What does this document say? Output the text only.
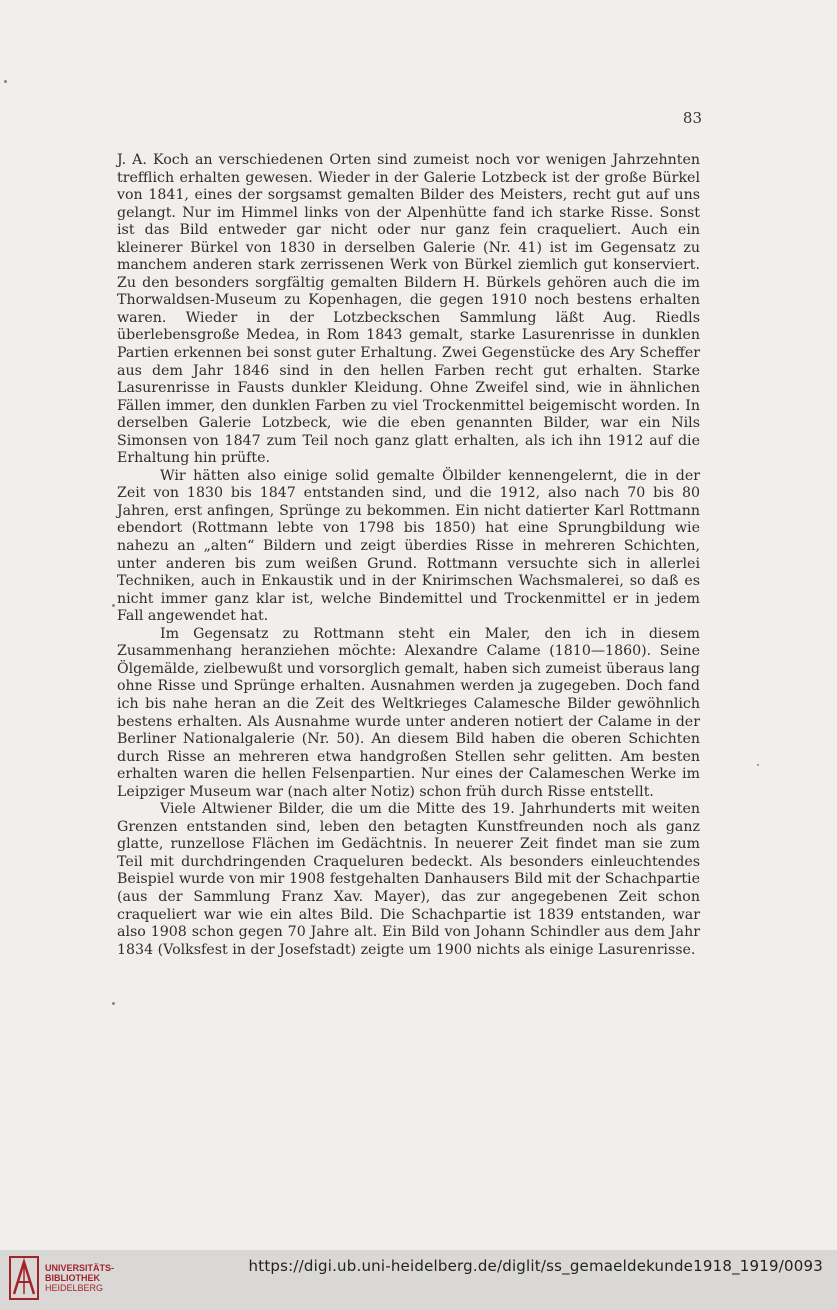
83

J. A. Koch an verschiedenen Orten sind zumeist noch vor wenigen Jahrzehnten trefflich erhalten gewesen. Wieder in der Galerie Lotzbeck ist der große Bürkel von 1841, eines der sorgsamst gemalten Bilder des Meisters, recht gut auf uns gelangt. Nur im Himmel links von der Alpenhütte fand ich starke Risse. Sonst ist das Bild entweder gar nicht oder nur ganz fein craqueliert. Auch ein kleinerer Bürkel von 1830 in derselben Galerie (Nr. 41) ist im Gegensatz zu manchem anderen stark zerrissenen Werk von Bürkel ziemlich gut konserviert. Zu den besonders sorgfältig gemalten Bildern H. Bürkels gehören auch die im Thorwaldsen-Museum zu Kopenhagen, die gegen 1910 noch bestens erhalten waren. Wieder in der Lotzbeckschen Sammlung läßt Aug. Riedls überlebensgroße Medea, in Rom 1843 gemalt, starke Lasurenrisse in dunklen Partien erkennen bei sonst guter Erhaltung. Zwei Gegenstücke des Ary Scheffer aus dem Jahr 1846 sind in den hellen Farben recht gut erhalten. Starke Lasurenrisse in Fausts dunkler Kleidung. Ohne Zweifel sind, wie in ähnlichen Fällen immer, den dunklen Farben zu viel Trockenmittel beigemischt worden. In derselben Galerie Lotzbeck, wie die eben genannten Bilder, war ein Nils Simonsen von 1847 zum Teil noch ganz glatt erhalten, als ich ihn 1912 auf die Erhaltung hin prüfte.

Wir hätten also einige solid gemalte Ölbilder kennengelernt, die in der Zeit von 1830 bis 1847 entstanden sind, und die 1912, also nach 70 bis 80 Jahren, erst anfingen, Sprünge zu bekommen. Ein nicht datierter Karl Rottmann ebendort (Rottmann lebte von 1798 bis 1850) hat eine Sprungbildung wie nahezu an „alten“ Bildern und zeigt überdies Risse in mehreren Schichten, unter anderen bis zum weißen Grund. Rottmann versuchte sich in allerlei Techniken, auch in Enkaustik und in der Knirimschen Wachsmalerei, so daß es nicht immer ganz klar ist, welche Bindemittel und Trockenmittel er in jedem Fall angewendet hat.

Im Gegensatz zu Rottmann steht ein Maler, den ich in diesem Zusammenhang heranziehen möchte: Alexandre Calame (1810—1860). Seine Ölgemälde, zielbewußt und vorsorglich gemalt, haben sich zumeist überaus lang ohne Risse und Sprünge erhalten. Ausnahmen werden ja zugegeben. Doch fand ich bis nahe heran an die Zeit des Weltkrieges Calamesche Bilder gewöhnlich bestens erhalten. Als Ausnahme wurde unter anderen notiert der Calame in der Berliner Nationalgalerie (Nr. 50). An diesem Bild haben die oberen Schichten durch Risse an mehreren etwa handgroßen Stellen sehr gelitten. Am besten erhalten waren die hellen Felsenpartien. Nur eines der Calameschen Werke im Leipziger Museum war (nach alter Notiz) schon früh durch Risse entstellt.

Viele Altwiener Bilder, die um die Mitte des 19. Jahrhunderts mit weiten Grenzen entstanden sind, leben den betagten Kunstfreunden noch als ganz glatte, runzellose Flächen im Gedächtnis. In neuerer Zeit findet man sie zum Teil mit durchdringenden Craqueluren bedeckt. Als besonders einleuchtendes Beispiel wurde von mir 1908 festgehalten Danhausers Bild mit der Schachpartie (aus der Sammlung Franz Xav. Mayer), das zur angegebenen Zeit schon craqueliert war wie ein altes Bild. Die Schachpartie ist 1839 entstanden, war also 1908 schon gegen 70 Jahre alt. Ein Bild von Johann Schindler aus dem Jahr 1834 (Volksfest in der Josefstadt) zeigte um 1900 nichts als einige Lasurenrisse.

UNIVERSITÄTS-
BIBLIOTHEK
HEIDELBERG
https://digi.ub.uni-heidelberg.de/diglit/ss_gemaeldekunde1918_1919/0093
